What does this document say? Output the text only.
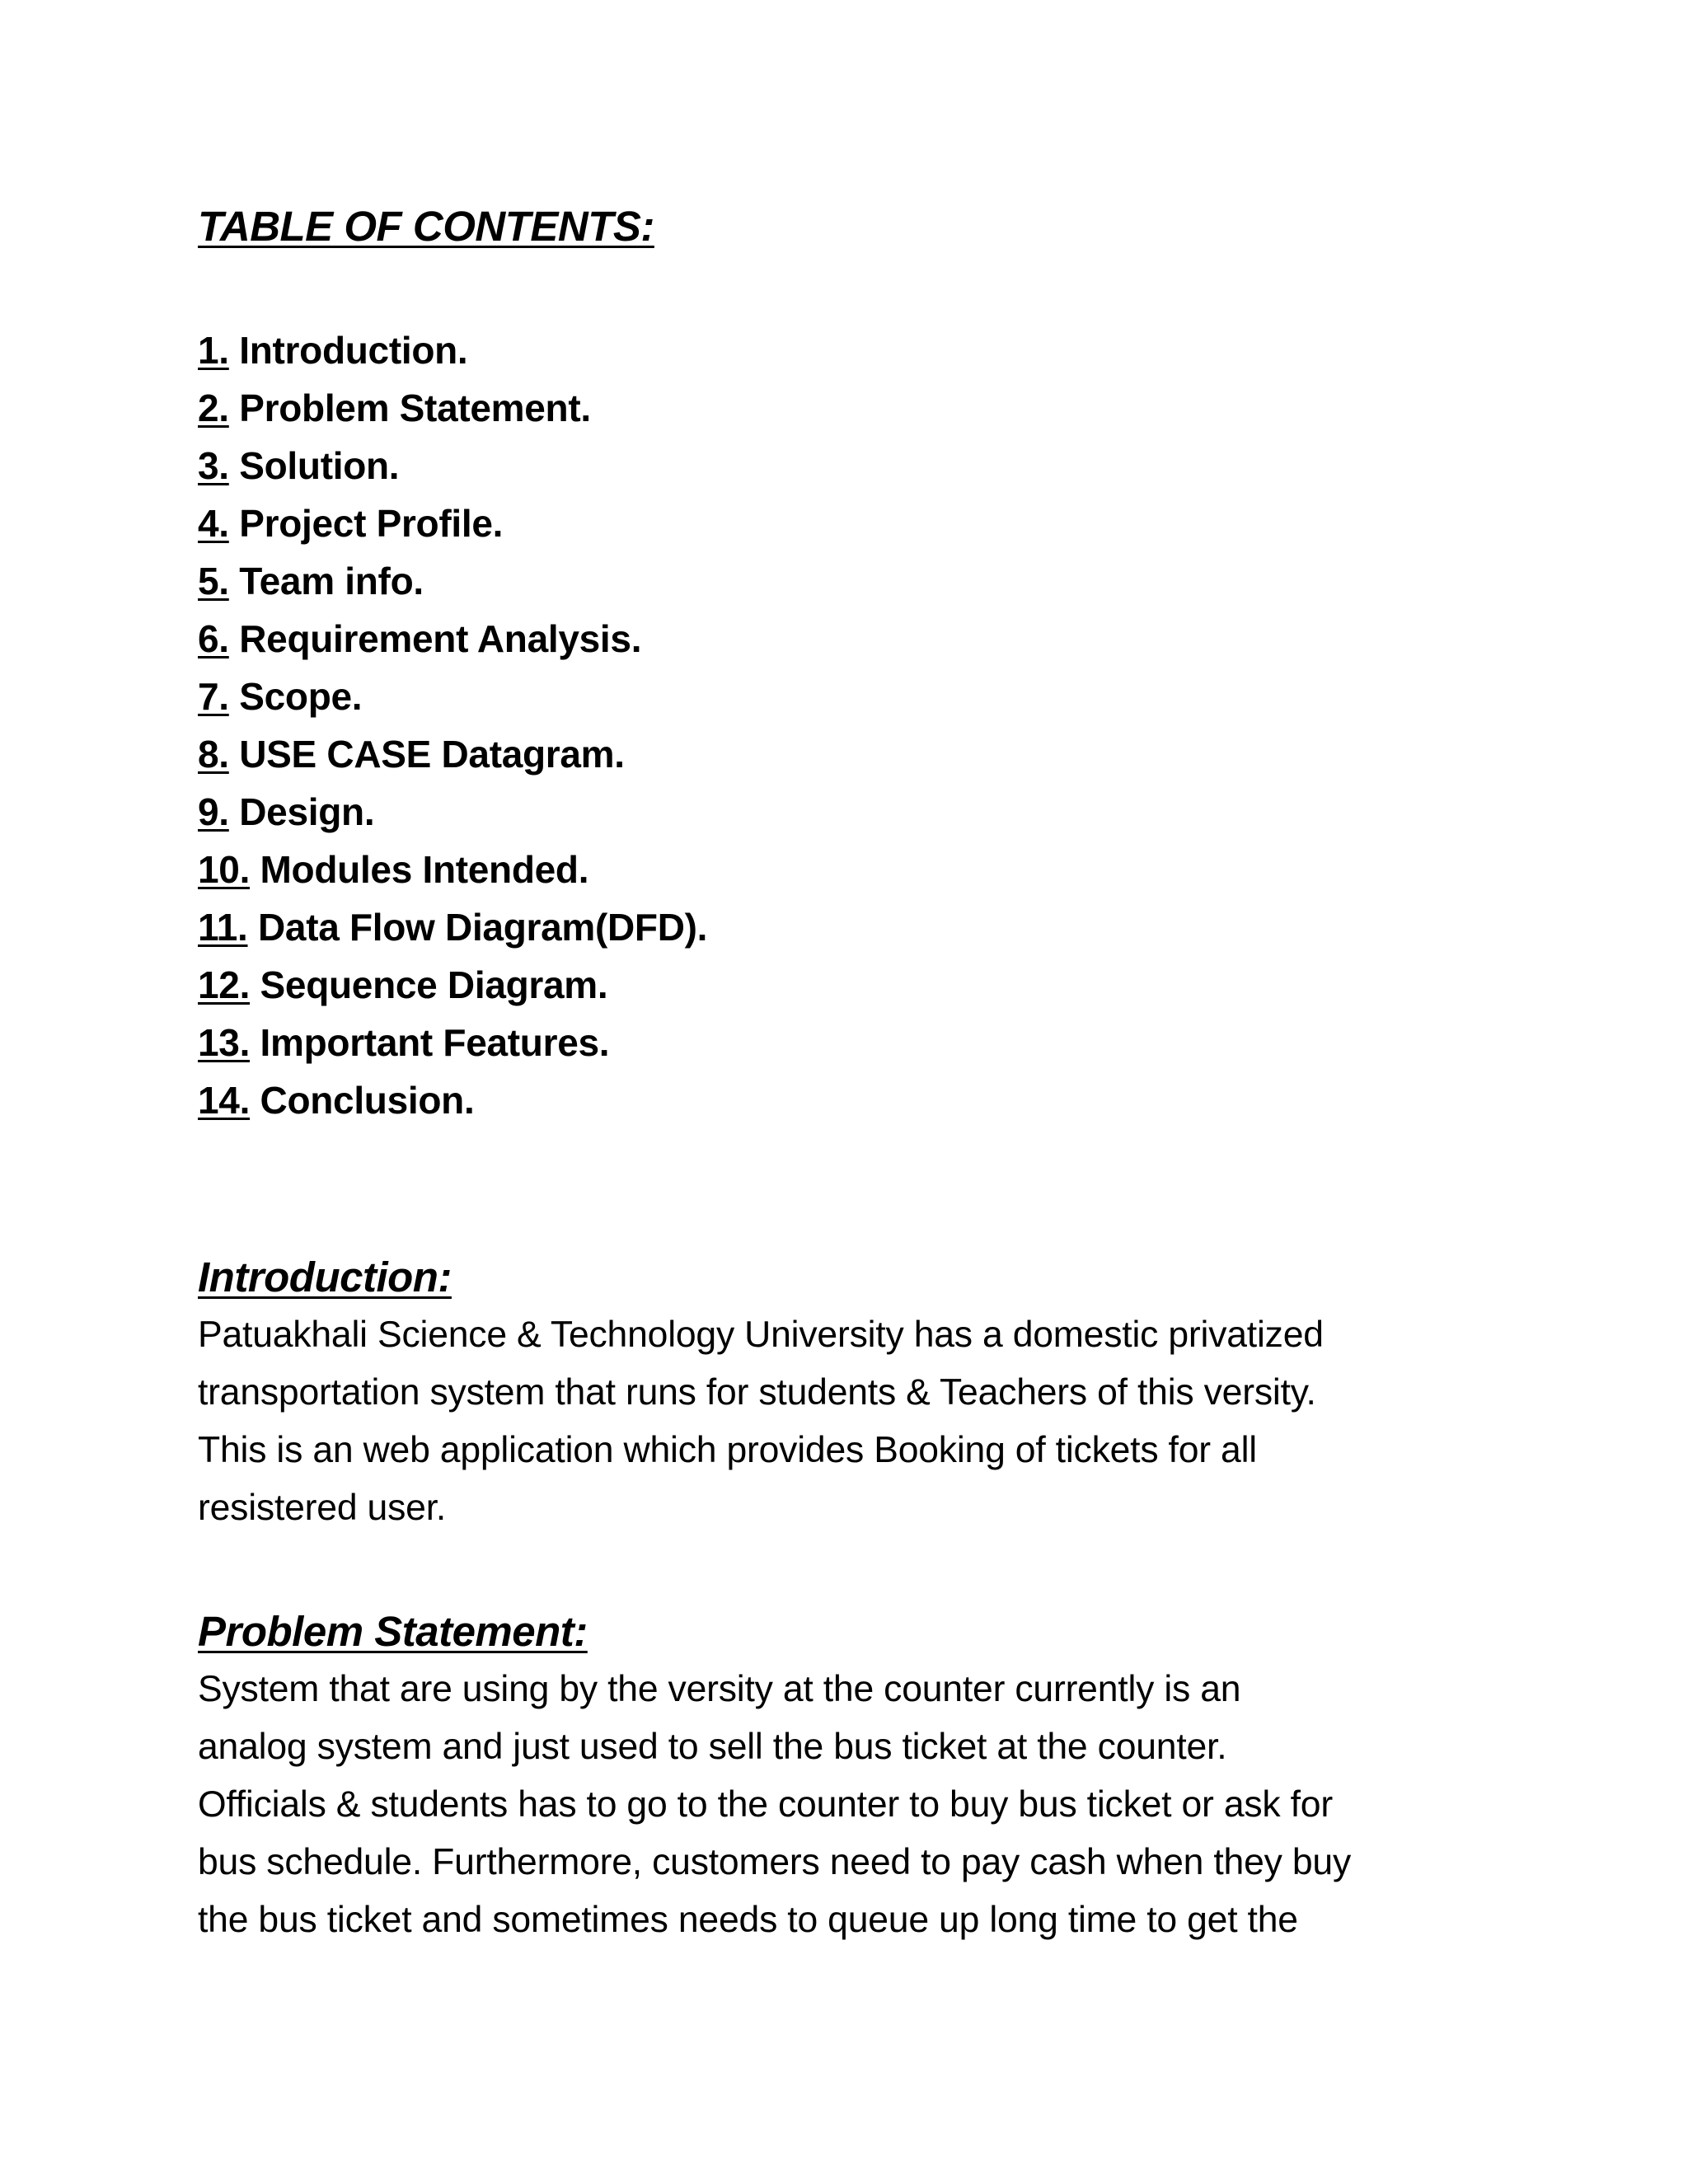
TABLE OF CONTENTS:
1. Introduction.
2. Problem Statement.
3. Solution.
4. Project Profile.
5. Team info.
6. Requirement Analysis.
7. Scope.
8. USE CASE Datagram.
9. Design.
10. Modules Intended.
11. Data Flow Diagram(DFD).
12. Sequence Diagram.
13. Important Features.
14. Conclusion.
Introduction:

Patuakhali Science & Technology University has a domestic privatized

transportation system that runs for students & Teachers of this versity.

This is an web application which provides Booking of tickets for all

resistered user.

Problem Statement:

System that are using by the versity at the counter currently is an

analog system and just used to sell the bus ticket at the counter.

Officials & students has to go to the counter to buy bus ticket or ask for

bus schedule. Furthermore, customers need to pay cash when they buy

the bus ticket and sometimes needs to queue up long time to get the
